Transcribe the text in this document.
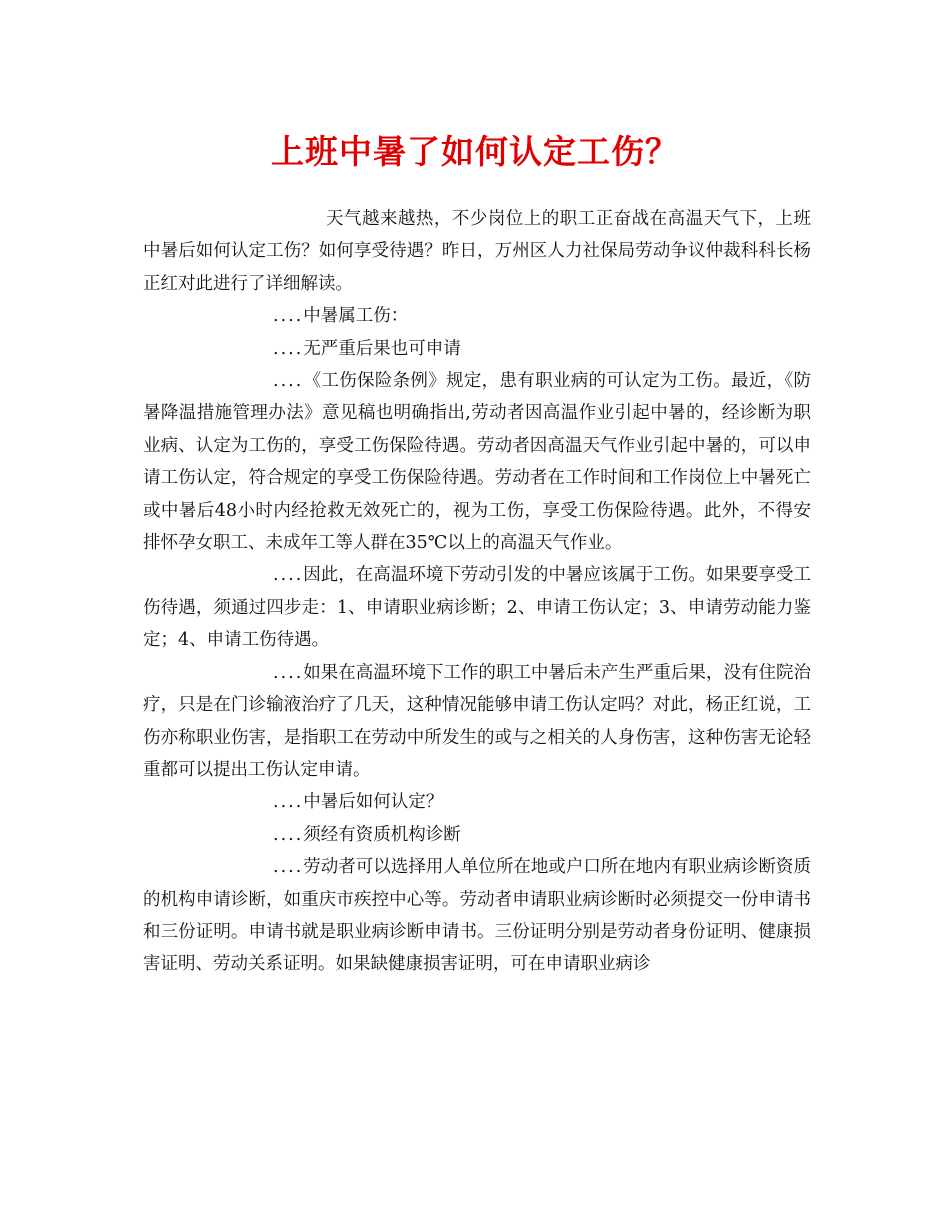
上班中暑了如何认定工伤？

天气越来越热，不少岗位上的职工正奋战在高温天气下，上班中暑后如何认定工伤？如何享受待遇？昨日，万州区人力社保局劳动争议仲裁科科长杨正红对此进行了详细解读。

....中暑属工伤：

....无严重后果也可申请

....《工伤保险条例》规定，患有职业病的可认定为工伤。最近，《防暑降温措施管理办法》意见稿也明确指出,劳动者因高温作业引起中暑的，经诊断为职业病、认定为工伤的，享受工伤保险待遇。劳动者因高温天气作业引起中暑的，可以申请工伤认定，符合规定的享受工伤保险待遇。劳动者在工作时间和工作岗位上中暑死亡或中暑后48小时内经抢救无效死亡的，视为工伤，享受工伤保险待遇。此外，不得安排怀孕女职工、未成年工等人群在35℃以上的高温天气作业。

....因此，在高温环境下劳动引发的中暑应该属于工伤。如果要享受工伤待遇，须通过四步走：1、申请职业病诊断；2、申请工伤认定；3、申请劳动能力鉴定；4、申请工伤待遇。

....如果在高温环境下工作的职工中暑后未产生严重后果，没有住院治疗，只是在门诊输液治疗了几天，这种情况能够申请工伤认定吗？对此，杨正红说，工伤亦称职业伤害，是指职工在劳动中所发生的或与之相关的人身伤害，这种伤害无论轻重都可以提出工伤认定申请。

....中暑后如何认定？

....须经有资质机构诊断

....劳动者可以选择用人单位所在地或户口所在地内有职业病诊断资质的机构申请诊断，如重庆市疾控中心等。劳动者申请职业病诊断时必须提交一份申请书和三份证明。申请书就是职业病诊断申请书。三份证明分别是劳动者身份证明、健康损害证明、劳动关系证明。如果缺健康损害证明，可在申请职业病诊
